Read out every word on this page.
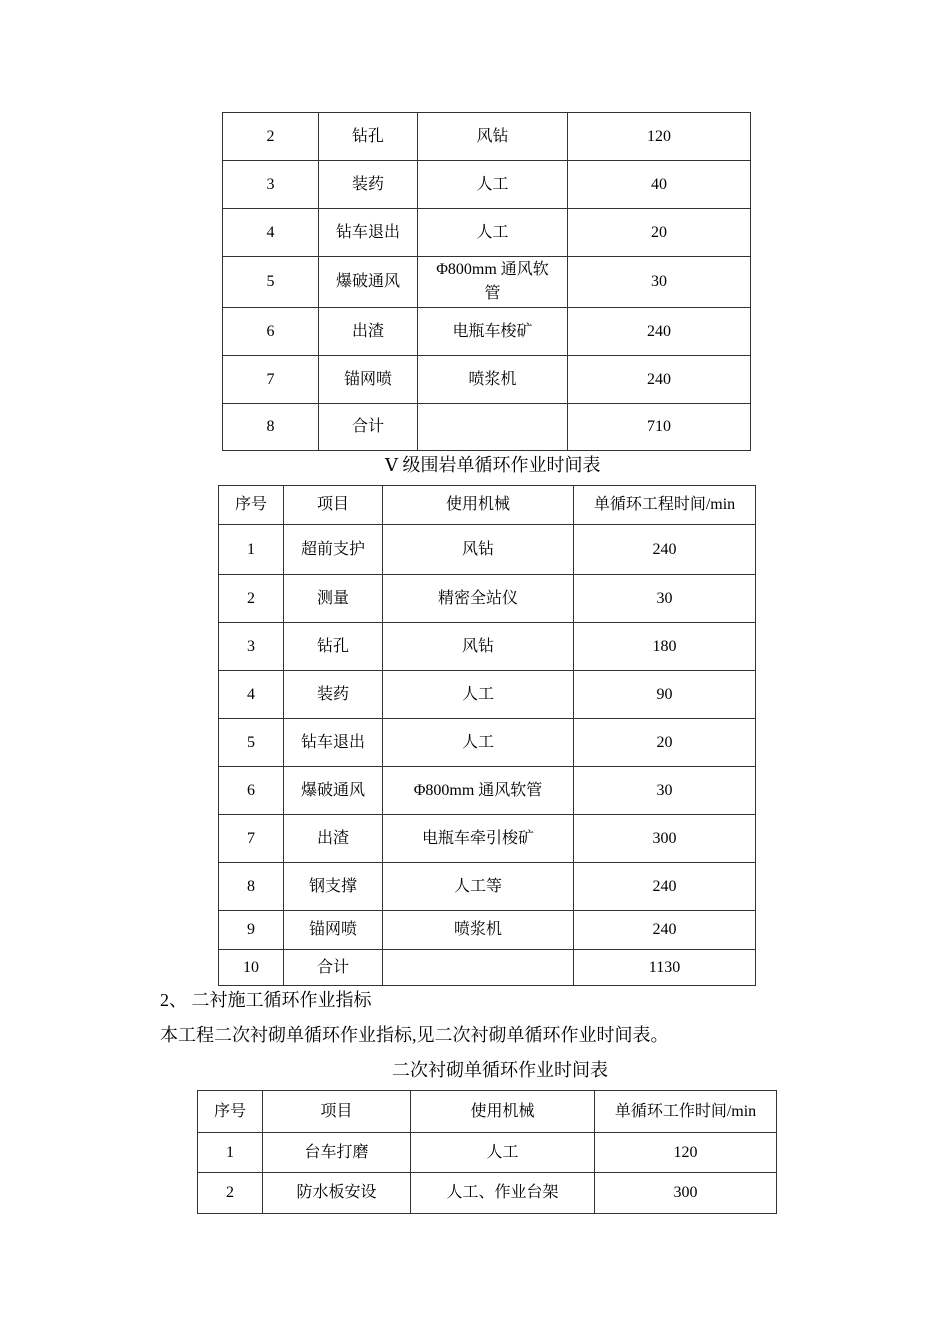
2	钻孔	风钻	120
3	装药	人工	40
4	钻车退出	人工	20
5	爆破通风	Φ800mm 通风软管	30
6	出渣	电瓶车梭矿	240
7	锚网喷	喷浆机	240
8	合计		710
Ⅴ 级围岩单循环作业时间表
序号	项目	使用机械	单循环工程时间/min
1	超前支护	风钻	240
2	测量	精密全站仪	30
3	钻孔	风钻	180
4	装药	人工	90
5	钻车退出	人工	20
6	爆破通风	Φ800mm 通风软管	30
7	出渣	电瓶车牵引梭矿	300
8	钢支撑	人工等	240
9	锚网喷	喷浆机	240
10	合计		1130
2、 二衬施工循环作业指标
本工程二次衬砌单循环作业指标,见二次衬砌单循环作业时间表。
二次衬砌单循环作业时间表
序号	项目	使用机械	单循环工作时间/min
1	台车打磨	人工	120
2	防水板安设	人工、作业台架	300
